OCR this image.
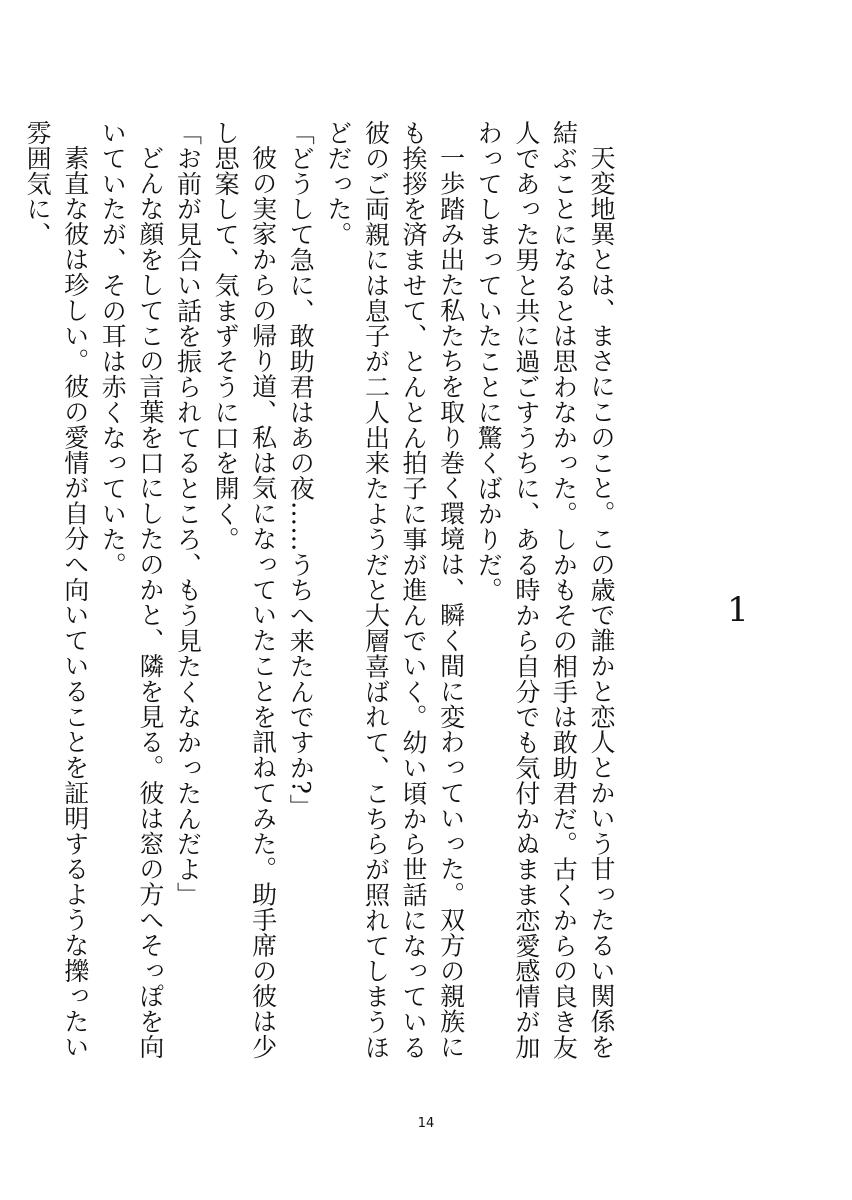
1

天変地異とは、まさにこのこと。この歳で誰かと恋人とかいう甘ったるい関係を結ぶことになるとは思わなかった。しかもその相手は敢助君だ。古くからの良き友人であった男と共に過ごすうちに、ある時から自分でも気付かぬまま恋愛感情が加わってしまっていたことに驚くばかりだ。

一歩踏み出た私たちを取り巻く環境は、瞬く間に変わっていった。双方の親族にも挨拶を済ませて、とんとん拍子に事が進んでいく。幼い頃から世話になっている彼のご両親には息子が二人出来たようだと大層喜ばれて、こちらが照れてしまうほどだった。

「どうして急に、敢助君はあの夜……うちへ来たんですか?」

彼の実家からの帰り道、私は気になっていたことを訊ねてみた。助手席の彼は少し思案して、気まずそうに口を開く。

「お前が見合い話を振られてるところ、もう見たくなかったんだよ」

どんな顔をしてこの言葉を口にしたのかと、隣を見る。彼は窓の方へそっぽを向いていたが、その耳は赤くなっていた。

素直な彼は珍しい。彼の愛情が自分へ向いていることを証明するような擽ったい雰囲気に、

14
